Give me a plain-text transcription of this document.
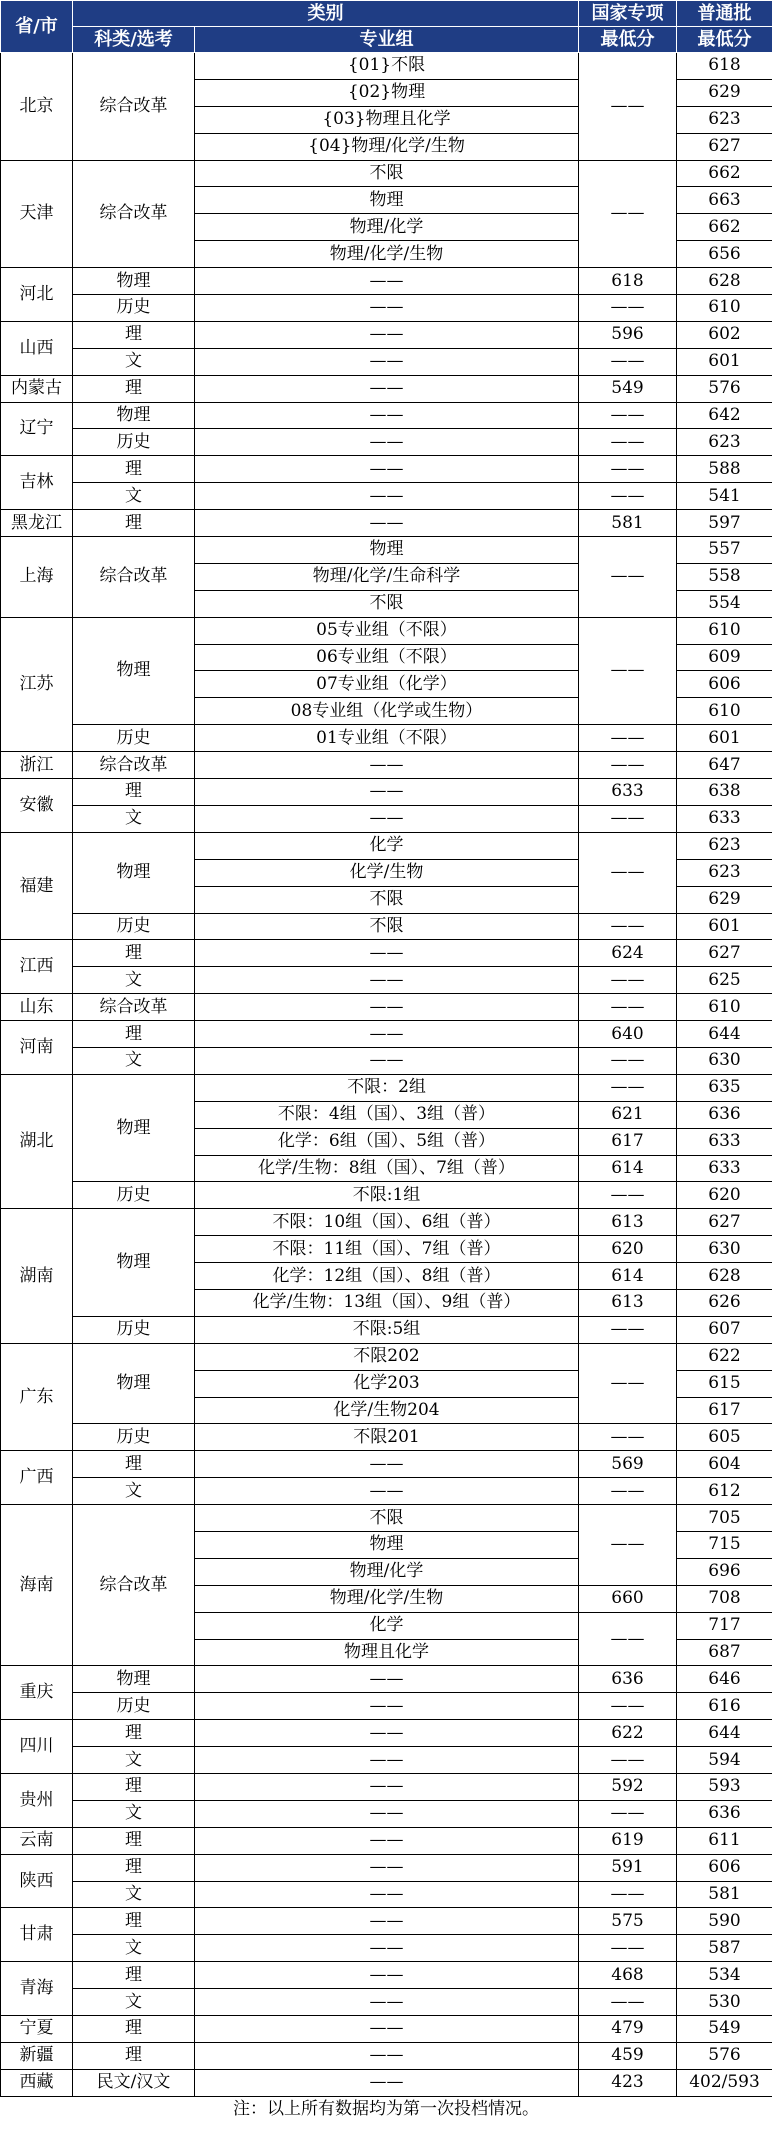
省/市	类别		国家专项	普通批
	科类/选考	专业组	最低分	最低分
北京	综合改革	{01}不限	——	618
		{02}物理		629
		{03}物理且化学		623
		{04}物理/化学/生物		627
天津	综合改革	不限	——	662
		物理		663
		物理/化学		662
		物理/化学/生物		656
河北	物理	——	618	628
	历史	——	——	610
山西	理	——	596	602
	文	——	——	601
内蒙古	理	——	549	576
辽宁	物理	——	——	642
	历史	——	——	623
吉林	理	——	——	588
	文	——	——	541
黑龙江	理	——	581	597
上海	综合改革	物理	——	557
		物理/化学/生命科学		558
		不限		554
江苏	物理	05专业组（不限）	——	610
		06专业组（不限）		609
		07专业组（化学）		606
		08专业组（化学或生物）		610
	历史	01专业组（不限）	——	601
浙江	综合改革	——	——	647
安徽	理	——	633	638
	文	——	——	633
福建	物理	化学	——	623
		化学/生物		623
		不限		629
	历史	不限	——	601
江西	理	——	624	627
	文	——	——	625
山东	综合改革	——	——	610
河南	理	——	640	644
	文	——	——	630
湖北	物理	不限：2组	——	635
		不限：4组（国）、3组（普）	621	636
		化学：6组（国）、5组（普）	617	633
		化学/生物：8组（国）、7组（普）	614	633
	历史	不限:1组	——	620
湖南	物理	不限：10组（国）、6组（普）	613	627
		不限：11组（国）、7组（普）	620	630
		化学：12组（国）、8组（普）	614	628
		化学/生物：13组（国）、9组（普）	613	626
	历史	不限:5组	——	607
广东	物理	不限202	——	622
		化学203		615
		化学/生物204		617
	历史	不限201	——	605
广西	理	——	569	604
	文	——	——	612
海南	综合改革	不限	——	705
		物理		715
		物理/化学		696
		物理/化学/生物	660	708
		化学	——	717
		物理且化学		687
重庆	物理	——	636	646
	历史	——	——	616
四川	理	——	622	644
	文	——	——	594
贵州	理	——	592	593
	文	——	——	636
云南	理	——	619	611
陕西	理	——	591	606
	文	——	——	581
甘肃	理	——	575	590
	文	——	——	587
青海	理	——	468	534
	文	——	——	530
宁夏	理	——	479	549
新疆	理	——	459	576
西藏	民文/汉文	——	423	402/593
注：以上所有数据均为第一次投档情况。
